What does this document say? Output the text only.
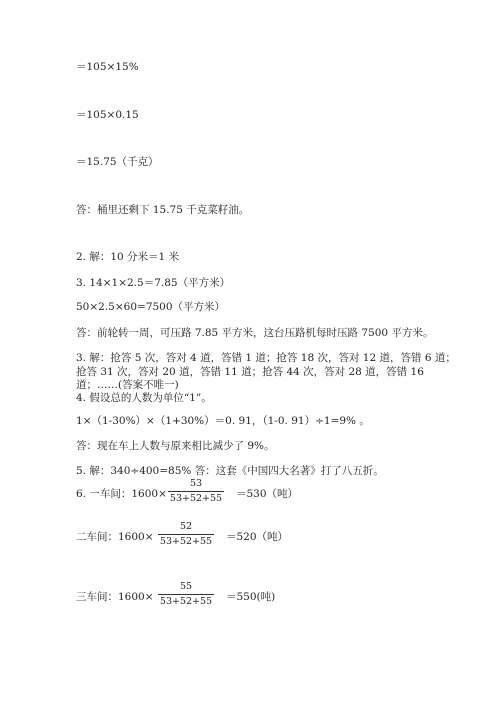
＝105×15%
＝105×0.15
＝15.75（千克）
答：桶里还剩下 15.75 千克菜籽油。
2. 解：10 分米＝1 米
3. 14×1×2.5＝7.85（平方米）
50×2.5×60=7500（平方米）
答：前轮转一周，可压路 7.85 平方米，这台压路机每时压路 7500 平方米。
3. 解：抢答 5 次，答对 4 道，答错 1 道；抢答 18 次，答对 12 道，答错 6 道；
抢答 31 次，答对 20 道，答错 11 道；抢答 44 次，答对 28 道，答错 16
道；……(答案不唯一)
4. 假设总的人数为单位“1”。
1×（1-30%）×（1+30%）＝0. 91，（1-0. 91）÷1=9% 。
答：现在车上人数与原来相比减少了 9%。
5. 解：340÷400=85% 答：这套《中国四大名著》打了八五折。
6. 一车间：1600×
53
53+52+55 ＝530（吨）
二车间：1600×
52
53+52+55 ＝520（吨）
三车间：1600×
55
53+52+55 ＝550(吨)
